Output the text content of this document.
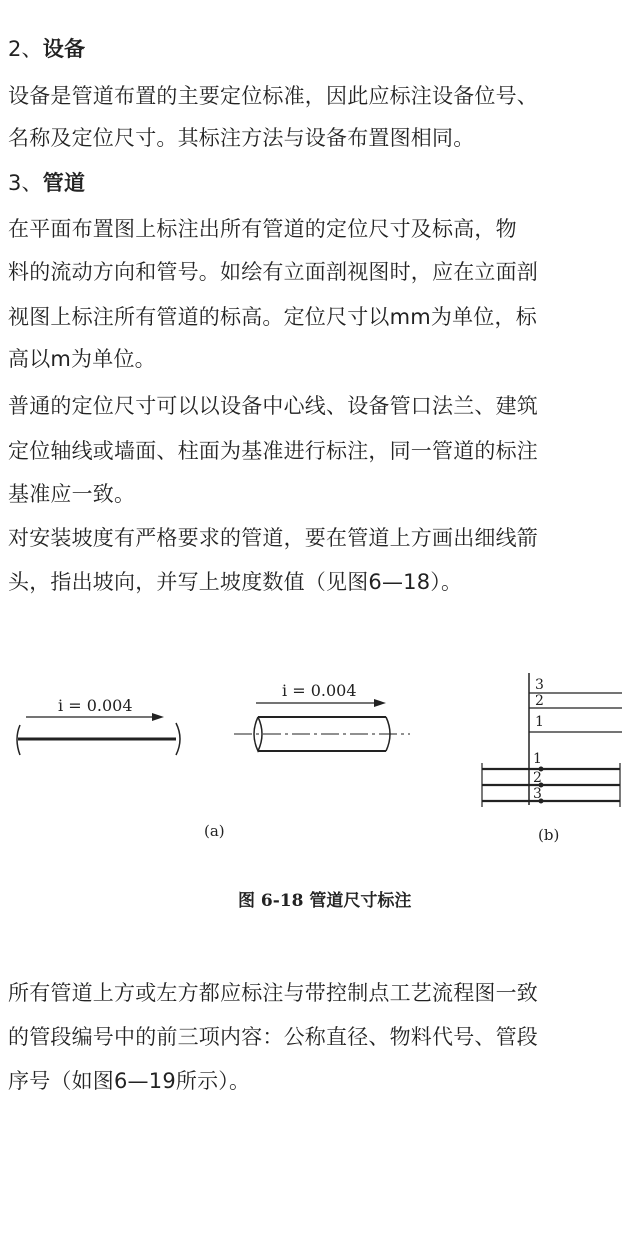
2、设备

设备是管道布置的主要定位标准，因此应标注设备位号、

名称及定位尺寸。其标注方法与设备布置图相同。

3、管道

在平面布置图上标注出所有管道的定位尺寸及标高，物

料的流动方向和管号。如绘有立面剖视图时，应在立面剖

视图上标注所有管道的标高。定位尺寸以mm为单位，标

高以m为单位。

普通的定位尺寸可以以设备中心线、设备管口法兰、建筑

定位轴线或墙面、柱面为基准进行标注，同一管道的标注

基准应一致。

对安装坡度有严格要求的管道，要在管道上方画出细线箭

头，指出坡向，并写上坡度数值（见图6—18）。

i = 0.004
i = 0.004	3
2
1
1
2
3
(a)	(b)
图 6-18 管道尺寸标注

所有管道上方或左方都应标注与带控制点工艺流程图一致

的管段编号中的前三项内容：公称直径、物料代号、管段

序号（如图6—19所示）。
